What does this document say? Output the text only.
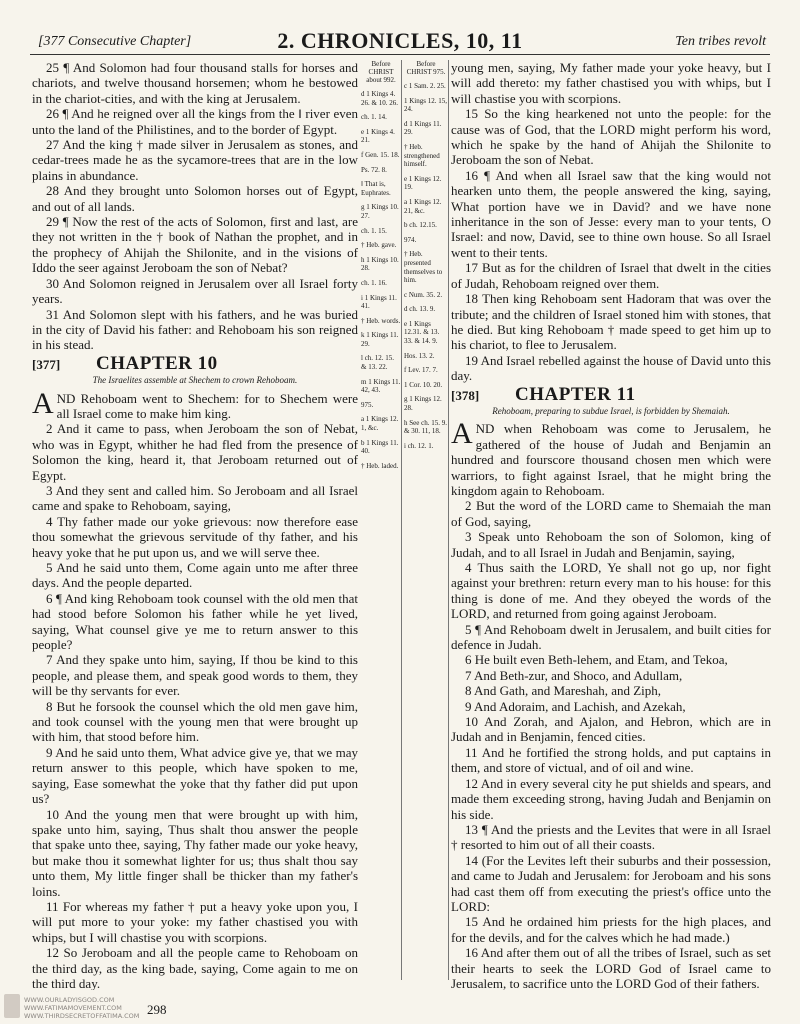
[377 Consecutive Chapter]	2. CHRONICLES, 10, 11	Ten tribes revolt

25 ¶ And Solomon had four thousand stalls for horses and chariots, and twelve thousand horsemen; whom he bestowed in the chariot-cities, and with the king at Jerusalem.

26 ¶ And he reigned over all the kings from the ‖ river even unto the land of the Philistines, and to the border of Egypt.

27 And the king † made silver in Jerusalem as stones, and cedar-trees made he as the sycamore-trees that are in the low plains in abundance.

28 And they brought unto Solomon horses out of Egypt, and out of all lands.

29 ¶ Now the rest of the acts of Solomon, first and last, are they not written in the † book of Nathan the prophet, and in the prophecy of Ahijah the Shilonite, and in the visions of Iddo the seer against Jeroboam the son of Nebat?

30 And Solomon reigned in Jerusalem over all Israel forty years.

31 And Solomon slept with his fathers, and he was buried in the city of David his father: and Rehoboam his son reigned in his stead.

[377]	CHAPTER 10
The Israelites assemble at Shechem to crown Rehoboam.

AND Rehoboam went to Shechem: for to Shechem were all Israel come to make him king.

2 And it came to pass, when Jeroboam the son of Nebat, who was in Egypt, whither he had fled from the presence of Solomon the king, heard it, that Jeroboam returned out of Egypt.

3 And they sent and called him. So Jeroboam and all Israel came and spake to Rehoboam, saying,

4 Thy father made our yoke grievous: now therefore ease thou somewhat the grievous servitude of thy father, and his heavy yoke that he put upon us, and we will serve thee.

5 And he said unto them, Come again unto me after three days. And the people departed.

6 ¶ And king Rehoboam took counsel with the old men that had stood before Solomon his father while he yet lived, saying, What counsel give ye me to return answer to this people?

7 And they spake unto him, saying, If thou be kind to this people, and please them, and speak good words to them, they will be thy servants for ever.

8 But he forsook the counsel which the old men gave him, and took counsel with the young men that were brought up with him, that stood before him.

9 And he said unto them, What advice give ye, that we may return answer to this people, which have spoken to me, saying, Ease somewhat the yoke that thy father did put upon us?

10 And the young men that were brought up with him, spake unto him, saying, Thus shalt thou answer the people that spake unto thee, saying, Thy father made our yoke heavy, but make thou it somewhat lighter for us; thus shalt thou say unto them, My little finger shall be thicker than my father's loins.

11 For whereas my father † put a heavy yoke upon you, I will put more to your yoke: my father chastised you with whips, but I will chastise you with scorpions.

12 So Jeroboam and all the people came to Rehoboam on the third day, as the king bade, saying, Come again to me on the third day.

Before CHRIST about 992.
d 1 Kings 4. 26. & 10. 26.
ch. 1. 14.
e 1 Kings 4. 21.
f Gen. 15. 18.
Ps. 72. 8.
‖ That is, Euphrates.
g 1 Kings 10. 27.
ch. 1. 15.
† Heb. gave.
h 1 Kings 10. 28.
ch. 1. 16.
i 1 Kings 11. 41.
† Heb. words.
k 1 Kings 11. 29.
l ch. 12. 15. & 13. 22.
m 1 Kings 11. 42, 43.
975.
a 1 Kings 12. 1, &c.
b 1 Kings 11. 40.
† Heb. laded.
Before CHRIST 975.
c 1 Sam. 2. 25.
1 Kings 12. 15, 24.
d 1 Kings 11. 29.
† Heb. strengthened himself.
e 1 Kings 12. 19.
a 1 Kings 12. 21, &c.
b ch. 12.15.
974.
† Heb. presented themselves to him.
c Num. 35. 2.
d ch. 13. 9.
e 1 Kings 12.31. & 13. 33. & 14. 9.
Hos. 13. 2.
f Lev. 17. 7.
1 Cor. 10. 20.
g 1 Kings 12. 28.
h See ch. 15. 9. & 30. 11, 18.
i ch. 12. 1.

young men, saying, My father made your yoke heavy, but I will add thereto: my father chastised you with whips, but I will chastise you with scorpions.

15 So the king hearkened not unto the people: for the cause was of God, that the LORD might perform his word, which he spake by the hand of Ahijah the Shilonite to Jeroboam the son of Nebat.

16 ¶ And when all Israel saw that the king would not hearken unto them, the people answered the king, saying, What portion have we in David? and we have none inheritance in the son of Jesse: every man to your tents, O Israel: and now, David, see to thine own house. So all Israel went to their tents.

17 But as for the children of Israel that dwelt in the cities of Judah, Rehoboam reigned over them.

18 Then king Rehoboam sent Hadoram that was over the tribute; and the children of Israel stoned him with stones, that he died. But king Rehoboam † made speed to get him up to his chariot, to flee to Jerusalem.

19 And Israel rebelled against the house of David unto this day.

[378]	CHAPTER 11
Rehoboam, preparing to subdue Israel, is forbidden by Shemaiah.

AND when Rehoboam was come to Jerusalem, he gathered of the house of Judah and Benjamin an hundred and fourscore thousand chosen men which were warriors, to fight against Israel, that he might bring the kingdom again to Rehoboam.

2 But the word of the LORD came to Shemaiah the man of God, saying,

3 Speak unto Rehoboam the son of Solomon, king of Judah, and to all Israel in Judah and Benjamin, saying,

4 Thus saith the LORD, Ye shall not go up, nor fight against your brethren: return every man to his house: for this thing is done of me. And they obeyed the words of the LORD, and returned from going against Jeroboam.

5 ¶ And Rehoboam dwelt in Jerusalem, and built cities for defence in Judah.

6 He built even Beth-lehem, and Etam, and Tekoa,

7 And Beth-zur, and Shoco, and Adullam,

8 And Gath, and Mareshah, and Ziph,

9 And Adoraim, and Lachish, and Azekah,

10 And Zorah, and Ajalon, and Hebron, which are in Judah and in Benjamin, fenced cities.

11 And he fortified the strong holds, and put captains in them, and store of victual, and of oil and wine.

12 And in every several city he put shields and spears, and made them exceeding strong, having Judah and Benjamin on his side.

13 ¶ And the priests and the Levites that were in all Israel † resorted to him out of all their coasts.

14 (For the Levites left their suburbs and their possession, and came to Judah and Jerusalem: for Jeroboam and his sons had cast them off from executing the priest's office unto the LORD:

15 And he ordained him priests for the high places, and for the devils, and for the calves which he had made.)

16 And after them out of all the tribes of Israel, such as set their hearts to seek the LORD God of Israel came to Jerusalem, to sacrifice unto the LORD God of their fathers.

WWW.OURLADYISGOD.COM
WWW.FATIMAMOVEMENT.COM
WWW.THIRDSECRETOFFATIMA.COM 298
